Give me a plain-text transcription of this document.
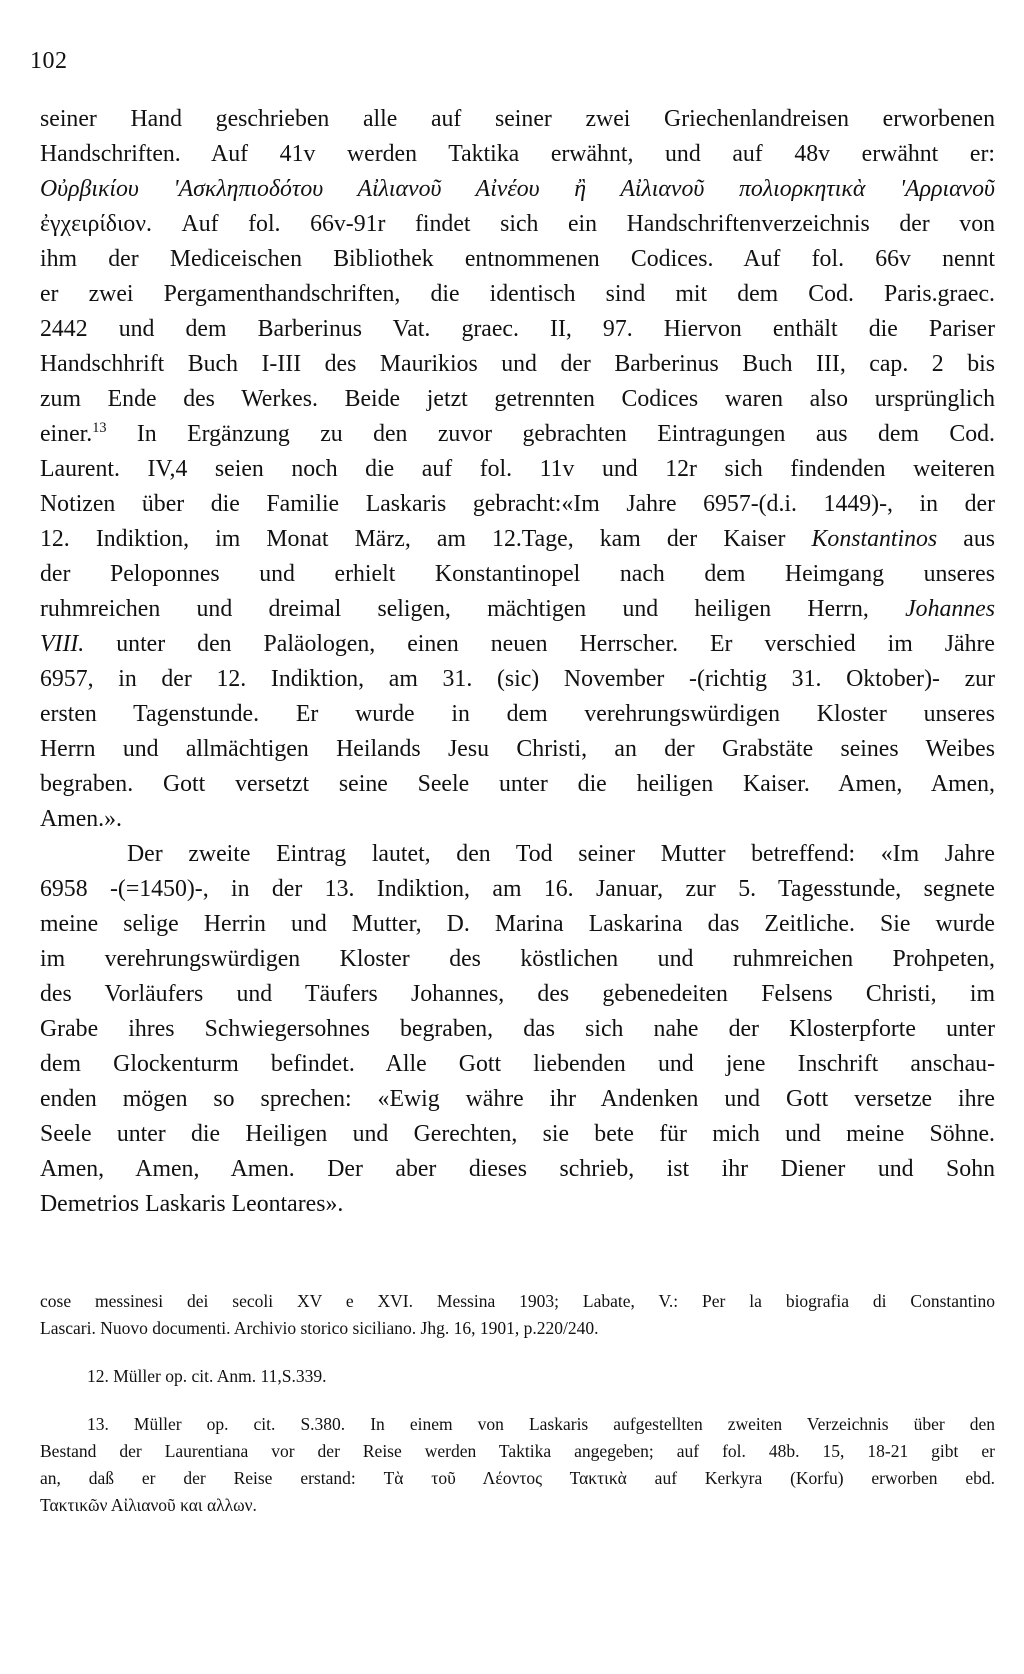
102
seiner Hand geschrieben alle auf seiner zwei Griechenlandreisen erworbenen
Handschriften. Auf 41v werden Taktika erwähnt, und auf 48v erwähnt er:
Οὐρβικίου 'Ασκληπιοδότου Αἰλιανοῦ Αἰνέου ἢ Αἰλιανοῦ πολιορκητικὰ 'Αρριανοῦ
ἐγχειρίδιον. Auf fol. 66v-91r findet sich ein Handschriftenverzeichnis der von
ihm der Mediceischen Bibliothek entnommenen Codices. Auf fol. 66v nennt
er zwei Pergamenthandschriften, die identisch sind mit dem Cod. Paris.graec.
2442 und dem Barberinus Vat. graec. II, 97. Hiervon enthält die Pariser
Handschhrift Buch I-III des Maurikios und der Barberinus Buch III, cap. 2 bis
zum Ende des Werkes. Beide jetzt getrennten Codices waren also ursprünglich
einer.$^{13}$ In Ergänzung zu den zuvor gebrachten Eintragungen aus dem Cod.
Laurent. IV,4 seien noch die auf fol. 11v und 12r sich findenden weiteren
Notizen über die Familie Laskaris gebracht:«Im Jahre 6957-(d.i. 1449)-, in der
12. Indiktion, im Monat März, am 12.Tage, kam der Kaiser Konstantinos aus
der Peloponnes und erhielt Konstantinopel nach dem Heimgang unseres
ruhmreichen und dreimal seligen, mächtigen und heiligen Herrn, Johannes
VIII. unter den Paläologen, einen neuen Herrscher. Er verschied im Jähre
6957, in der 12. Indiktion, am 31. (sic) November -(richtig 31. Oktober)- zur
ersten Tagenstunde. Er wurde in dem verehrungswürdigen Kloster unseres
Herrn und allmächtigen Heilands Jesu Christi, an der Grabstäte seines Weibes
begraben. Gott versetzt seine Seele unter die heiligen Kaiser. Amen, Amen,
Amen.».
Der zweite Eintrag lautet, den Tod seiner Mutter betreffend: «Im Jahre
6958 -(=1450)-, in der 13. Indiktion, am 16. Januar, zur 5. Tagesstunde, segnete
meine selige Herrin und Mutter, D. Marina Laskarina das Zeitliche. Sie wurde
im verehrungswürdigen Kloster des köstlichen und ruhmreichen Prohpeten,
des Vorläufers und Täufers Johannes, des gebenedeiten Felsens Christi, im
Grabe ihres Schwiegersohnes begraben, das sich nahe der Klosterpforte unter
dem Glockenturm befindet. Alle Gott liebenden und jene Inschrift anschau-
enden mögen so sprechen: «Ewig währe ihr Andenken und Gott versetze ihre
Seele unter die Heiligen und Gerechten, sie bete für mich und meine Söhne.
Amen, Amen, Amen. Der aber dieses schrieb, ist ihr Diener und Sohn
Demetrios Laskaris Leontares».
cose messinesi dei secoli XV e XVI. Messina 1903; Labate, V.: Per la biografia di Constantino
Lascari. Nuovo documenti. Archivio storico siciliano. Jhg. 16, 1901, p.220/240.
12. Müller op. cit. Anm. 11,S.339.
13. Müller op. cit. S.380. In einem von Laskaris aufgestellten zweiten Verzeichnis über den
Bestand der Laurentiana vor der Reise werden Taktika angegeben; auf fol. 48b. 15, 18-21 gibt er
an, daß er der Reise erstand: Τὰ τοῦ Λέοντος Τακτικὰ auf Kerkyra (Korfu) erworben ebd.
Τακτικῶν Αἰλιανοῦ και αλλων.
